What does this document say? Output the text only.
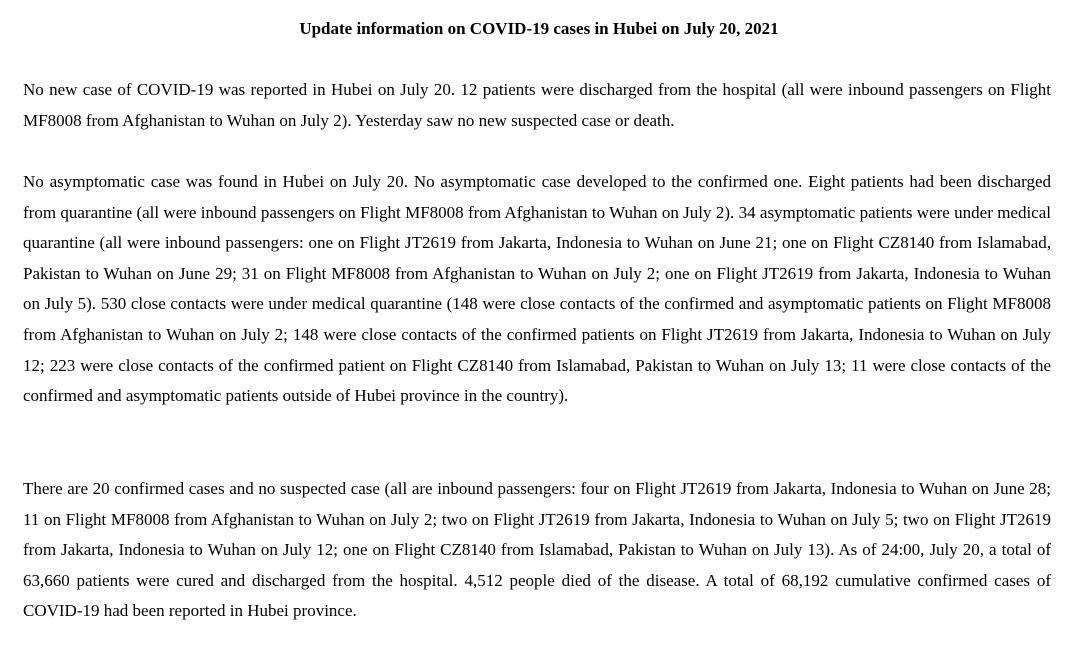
Update information on COVID-19 cases in Hubei on July 20, 2021

No new case of COVID-19 was reported in Hubei on July 20. 12 patients were discharged from the hospital (all were inbound passengers on Flight MF8008 from Afghanistan to Wuhan on July 2). Yesterday saw no new suspected case or death.

No asymptomatic case was found in Hubei on July 20. No asymptomatic case developed to the confirmed one. Eight patients had been discharged from quarantine (all were inbound passengers on Flight MF8008 from Afghanistan to Wuhan on July 2). 34 asymptomatic patients were under medical quarantine (all were inbound passengers: one on Flight JT2619 from Jakarta, Indonesia to Wuhan on June 21; one on Flight CZ8140 from Islamabad, Pakistan to Wuhan on June 29; 31 on Flight MF8008 from Afghanistan to Wuhan on July 2; one on Flight JT2619 from Jakarta, Indonesia to Wuhan on July 5). 530 close contacts were under medical quarantine (148 were close contacts of the confirmed and asymptomatic patients on Flight MF8008 from Afghanistan to Wuhan on July 2; 148 were close contacts of the confirmed patients on Flight JT2619 from Jakarta, Indonesia to Wuhan on July 12; 223 were close contacts of the confirmed patient on Flight CZ8140 from Islamabad, Pakistan to Wuhan on July 13; 11 were close contacts of the confirmed and asymptomatic patients outside of Hubei province in the country).

There are 20 confirmed cases and no suspected case (all are inbound passengers: four on Flight JT2619 from Jakarta, Indonesia to Wuhan on June 28; 11 on Flight MF8008 from Afghanistan to Wuhan on July 2; two on Flight JT2619 from Jakarta, Indonesia to Wuhan on July 5; two on Flight JT2619 from Jakarta, Indonesia to Wuhan on July 12; one on Flight CZ8140 from Islamabad, Pakistan to Wuhan on July 13). As of 24:00, July 20, a total of 63,660 patients were cured and discharged from the hospital. 4,512 people died of the disease. A total of 68,192 cumulative confirmed cases of COVID-19 had been reported in Hubei province.
